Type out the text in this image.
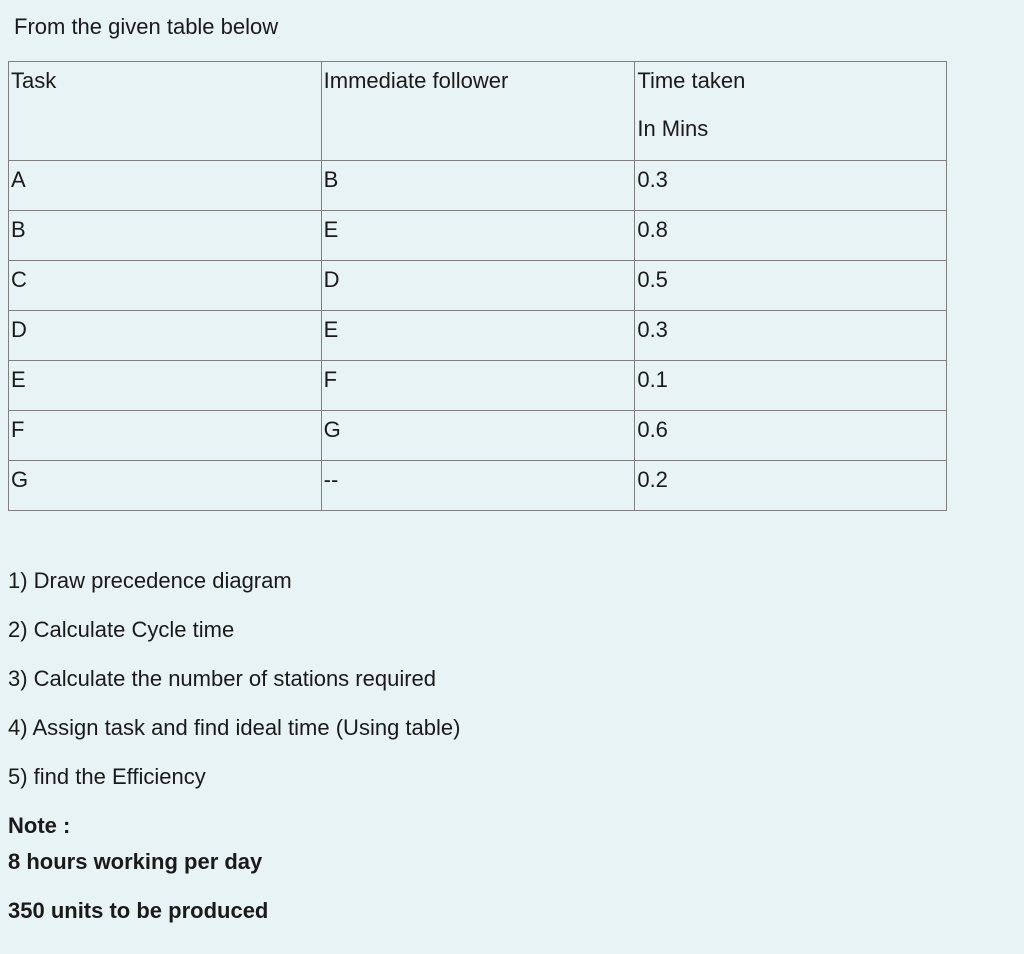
From the given table below
Task	Immediate follower	Time taken
In Mins

A	B	0.3
B	E	0.8
C	D	0.5
D	E	0.3
E	F	0.1
F	G	0.6
G	--	0.2
1) Draw precedence diagram
2) Calculate Cycle time
3) Calculate the number of stations required
4) Assign task and find ideal time (Using table)
5) find the Efficiency
Note :
8 hours working per day
350 units to be produced
